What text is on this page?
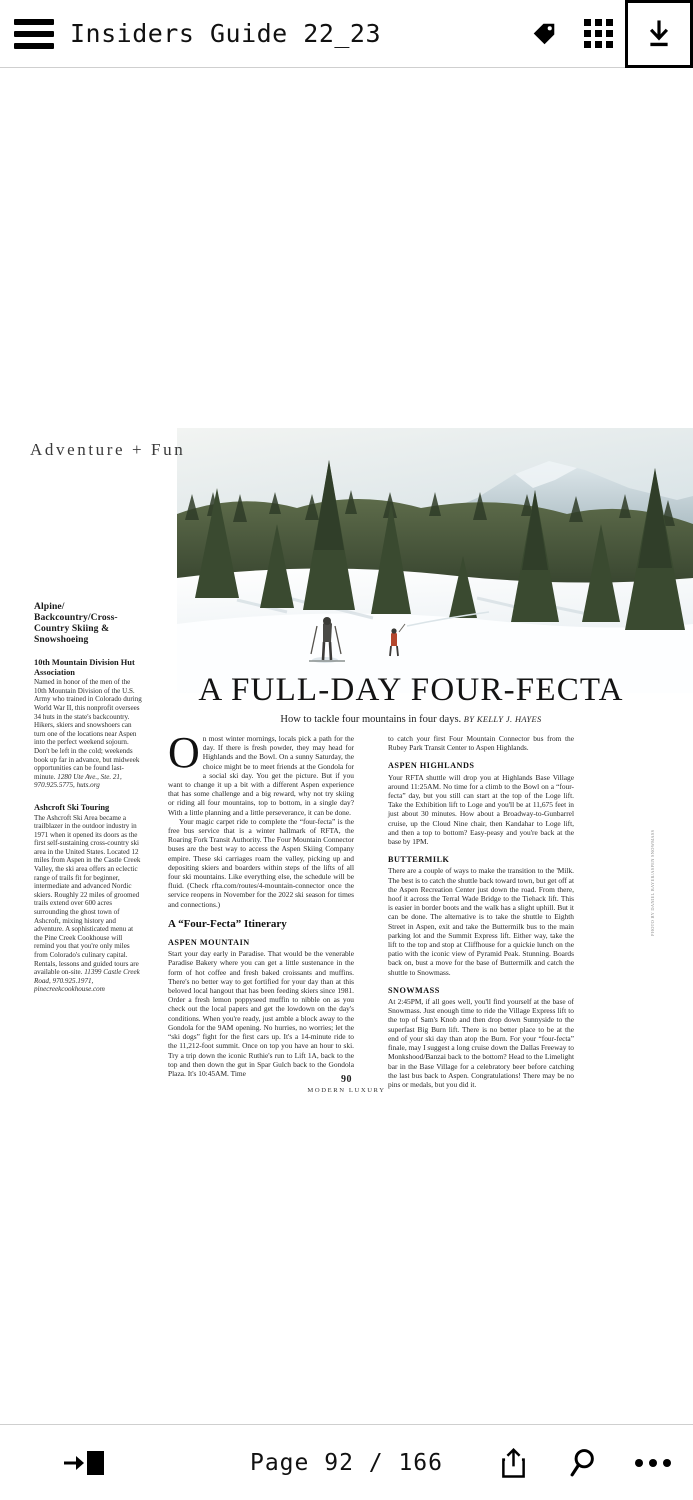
Insiders Guide 22_23
Adventure + Fun
Alpine/ Backcountry/Cross-Country Skiing & Snowshoeing
10th Mountain Division Hut Association
Named in honor of the men of the 10th Mountain Division of the U.S. Army who trained in Colorado during World War II, this nonprofit oversees 34 huts in the state's backcountry. Hikers, skiers and snowshoers can turn one of the locations near Aspen into the perfect weekend sojourn. Don't be left in the cold; weekends book up far in advance, but midweek opportunities can be found last-minute. 1280 Ute Ave., Ste. 21, 970.925.5775, huts.org
Ashcroft Ski Touring
The Ashcroft Ski Area became a trailblazer in the outdoor industry in 1971 when it opened its doors as the first self-sustaining cross-country ski area in the United States. Located 12 miles from Aspen in the Castle Creek Valley, the ski area offers an eclectic range of trails fit for beginner, intermediate and advanced Nordic skiers. Roughly 22 miles of groomed trails extend over 600 acres surrounding the ghost town of Ashcroft, mixing history and adventure. A sophisticated menu at the Pine Creek Cookhouse will remind you that you're only miles from Colorado's culinary capital. Rentals, lessons and guided tours are available on-site. 11399 Castle Creek Road, 970.925.1971, pinecreekcookhouse.com
A FULL-DAY FOUR-FECTA
How to tackle four mountains in four days. BY KELLY J. HAYES

On most winter mornings, locals pick a path for the day. If there is fresh powder, they may head for Highlands and the Bowl. On a sunny Saturday, the choice might be to meet friends at the Gondola for a social ski day. You get the picture. But if you want to change it up a bit with a different Aspen experience that has some challenge and a big reward, why not try skiing or riding all four mountains, top to bottom, in a single day? With a little planning and a little perseverance, it can be done.

Your magic carpet ride to complete the “four-fecta” is the free bus service that is a winter hallmark of RFTA, the Roaring Fork Transit Authority. The Four Mountain Connector buses are the best way to access the Aspen Skiing Company empire. These ski carriages roam the valley, picking up and depositing skiers and boarders within steps of the lifts of all four ski mountains. Like everything else, the schedule will be fluid. (Check rfta.com/routes/4-mountain-connector once the service reopens in November for the 2022 ski season for times and connections.)

A “Four-Fecta” Itinerary
ASPEN MOUNTAIN

Start your day early in Paradise. That would be the venerable Paradise Bakery where you can get a little sustenance in the form of hot coffee and fresh baked croissants and muffins. There's no better way to get fortified for your day than at this beloved local hangout that has been feeding skiers since 1981. Order a fresh lemon poppyseed muffin to nibble on as you check out the local papers and get the lowdown on the day's conditions. When you're ready, just amble a block away to the Gondola for the 9AM opening. No hurries, no worries; let the “ski dogs” fight for the first cars up. It's a 14-minute ride to the 11,212-foot summit. Once on top you have an hour to ski. Try a trip down the iconic Ruthie's run to Lift 1A, back to the top and then down the gut in Spar Gulch back to the Gondola Plaza. It's 10:45AM. Time

to catch your first Four Mountain Connector bus from the Rubey Park Transit Center to Aspen Highlands.

ASPEN HIGHLANDS

Your RFTA shuttle will drop you at Highlands Base Village around 11:25AM. No time for a climb to the Bowl on a “four-fecta” day, but you still can start at the top of the Loge lift. Take the Exhibition lift to Loge and you'll be at 11,675 feet in just about 30 minutes. How about a Broadway-to-Gunbarrel cruise, up the Cloud Nine chair, then Kandahar to Loge lift, and then a top to bottom? Easy-peasy and you're back at the base by 1PM.

BUTTERMILK

There are a couple of ways to make the transition to the 'Milk. The best is to catch the shuttle back toward town, but get off at the Aspen Recreation Center just down the road. From there, hoof it across the Terral Wade Bridge to the Tiehack lift. This is easier in border boots and the walk has a slight uphill. But it can be done. The alternative is to take the shuttle to Eighth Street in Aspen, exit and take the Buttermilk bus to the main parking lot and the Summit Express lift. Either way, take the lift to the top and stop at Cliffhouse for a quickie lunch on the patio with the iconic view of Pyramid Peak. Stunning. Boards back on, bust a move for the base of Buttermilk and catch the shuttle to Snowmass.

SNOWMASS

At 2:45PM, if all goes well, you'll find yourself at the base of Snowmass. Just enough time to ride the Village Express lift to the top of Sam's Knob and then drop down Sunnyside to the superfast Big Burn lift. There is no better place to be at the end of your ski day than atop the Burn. For your “four-fecta” finale, may I suggest a long cruise down the Dallas Freeway to Monkshood/Banzai back to the bottom? Head to the Limelight bar in the Base Village for a celebratory beer before catching the last bus back to Aspen. Congratulations! There may be no pins or medals, but you did it.

PHOTO BY DANIEL BAYER/ASPEN SNOWMASS
90
MODERN LUXURY
Page 92 / 166
